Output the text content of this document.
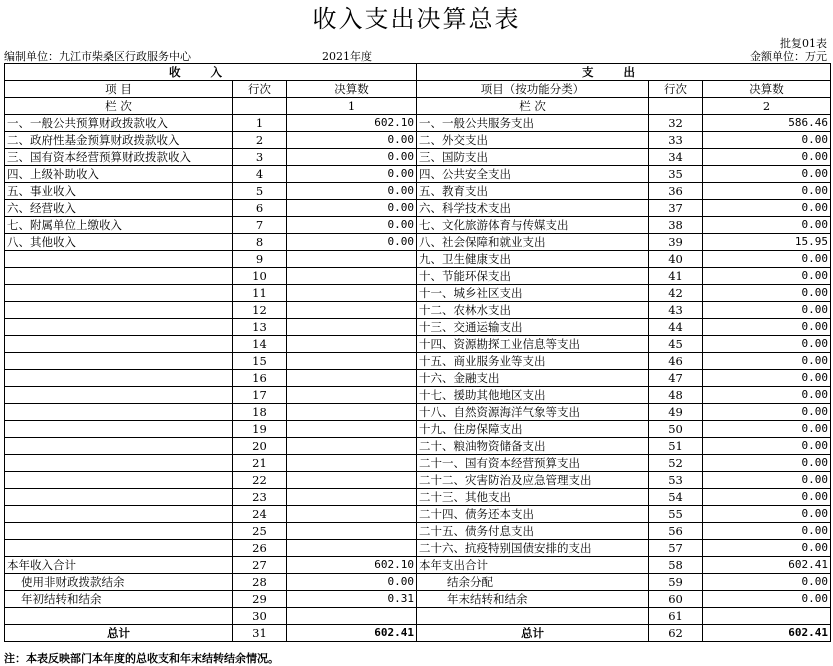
收入支出决算总表
批复01表
编制单位：九江市柴桑区行政服务中心	2021年度	金额单位：万元
收入			支出		
项 目	行次	决算数	项目（按功能分类）	行次	决算数
栏 次		1	栏 次		2
一、一般公共预算财政拨款收入	1	602.10	一、一般公共服务支出	32	586.46
二、政府性基金预算财政拨款收入	2	0.00	二、外交支出	33	0.00
三、国有资本经营预算财政拨款收入	3	0.00	三、国防支出	34	0.00
四、上级补助收入	4	0.00	四、公共安全支出	35	0.00
五、事业收入	5	0.00	五、教育支出	36	0.00
六、经营收入	6	0.00	六、科学技术支出	37	0.00
七、附属单位上缴收入	7	0.00	七、文化旅游体育与传媒支出	38	0.00
八、其他收入	8	0.00	八、社会保障和就业支出	39	15.95
	9		九、卫生健康支出	40	0.00
	10		十、节能环保支出	41	0.00
	11		十一、城乡社区支出	42	0.00
	12		十二、农林水支出	43	0.00
	13		十三、交通运输支出	44	0.00
	14		十四、资源勘探工业信息等支出	45	0.00
	15		十五、商业服务业等支出	46	0.00
	16		十六、金融支出	47	0.00
	17		十七、援助其他地区支出	48	0.00
	18		十八、自然资源海洋气象等支出	49	0.00
	19		十九、住房保障支出	50	0.00
	20		二十、粮油物资储备支出	51	0.00
	21		二十一、国有资本经营预算支出	52	0.00
	22		二十二、灾害防治及应急管理支出	53	0.00
	23		二十三、其他支出	54	0.00
	24		二十四、债务还本支出	55	0.00
	25		二十五、债务付息支出	56	0.00
	26		二十六、抗疫特别国债安排的支出	57	0.00
本年收入合计	27	602.10	本年支出合计	58	602.41
使用非财政拨款结余	28	0.00	结余分配	59	0.00
年初结转和结余	29	0.31	年末结转和结余	60	0.00
	30			61	
总计	31	602.41	总计	62	602.41
注：本表反映部门本年度的总收支和年末结转结余情况。
